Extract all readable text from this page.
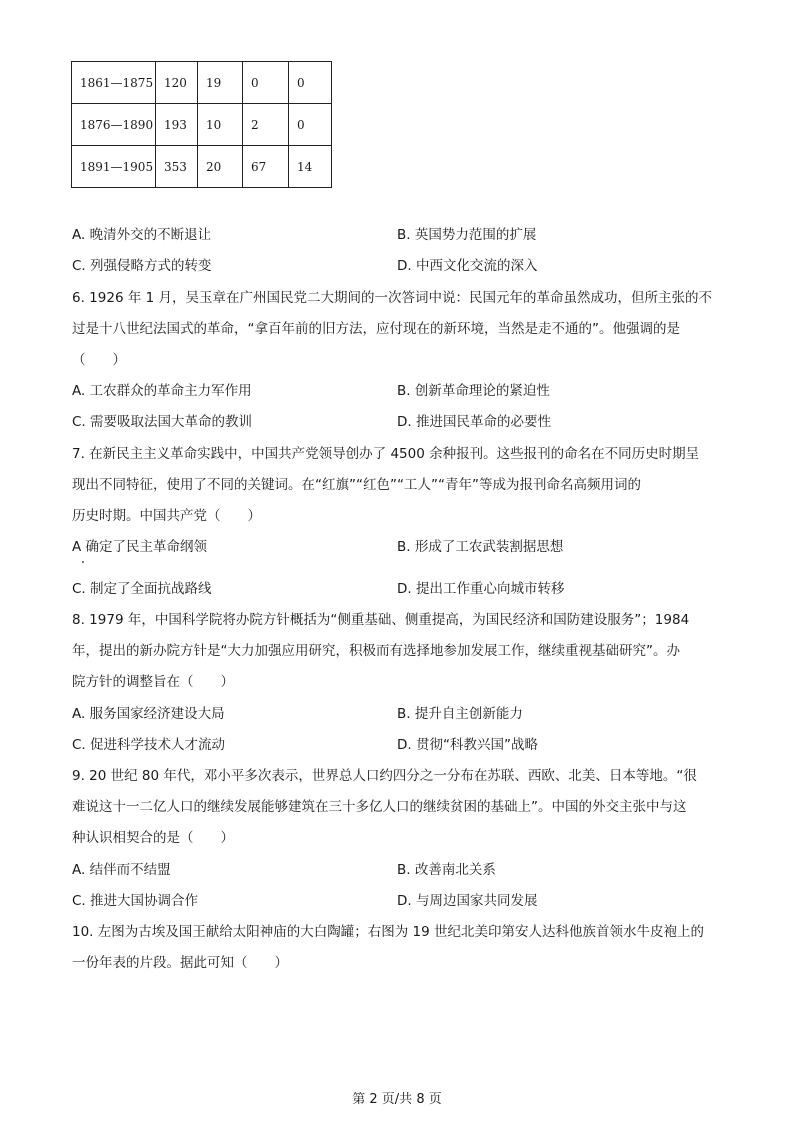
1861—1875	120	19	0	0
1876—1890	193	10	2	0
1891—1905	353	20	67	14
A. 晚清外交的不断退让	B. 英国势力范围的扩展
C. 列强侵略方式的转变	D. 中西文化交流的深入
6. 1926 年 1 月，吴玉章在广州国民党二大期间的一次答词中说：民国元年的革命虽然成功，但所主张的不
过是十八世纪法国式的革命，“拿百年前的旧方法，应付现在的新环境，当然是走不通的”。他强调的是
（　　）
A. 工农群众的革命主力军作用	B. 创新革命理论的紧迫性
C. 需要吸取法国大革命的教训	D. 推进国民革命的必要性
7. 在新民主主义革命实践中，中国共产党领导创办了 4500 余种报刊。这些报刊的命名在不同历史时期呈
现出不同特征，使用了不同的关键词。在“红旗”“红色”“工人”“青年”等成为报刊命名高频用词的
历史时期。中国共产党（　　）
A 确定了民主革命纲领	B. 形成了工农武装割据思想
C. 制定了全面抗战路线	D. 提出工作重心向城市转移
8. 1979 年，中国科学院将办院方针概括为“侧重基础、侧重提高，为国民经济和国防建设服务”；1984
年，提出的新办院方针是“大力加强应用研究，积极而有选择地参加发展工作，继续重视基础研究”。办
院方针的调整旨在（　　）
A. 服务国家经济建设大局	B. 提升自主创新能力
C. 促进科学技术人才流动	D. 贯彻“科教兴国”战略
9. 20 世纪 80 年代，邓小平多次表示，世界总人口约四分之一分布在苏联、西欧、北美、日本等地。“很
难说这十一二亿人口的继续发展能够建筑在三十多亿人口的继续贫困的基础上”。中国的外交主张中与这
种认识相契合的是（　　）
A. 结伴而不结盟	B. 改善南北关系
C. 推进大国协调合作	D. 与周边国家共同发展
10. 左图为古埃及国王献给太阳神庙的大白陶罐；右图为 19 世纪北美印第安人达科他族首领水牛皮袍上的
一份年表的片段。据此可知（　　）
第 2 页/共 8 页
